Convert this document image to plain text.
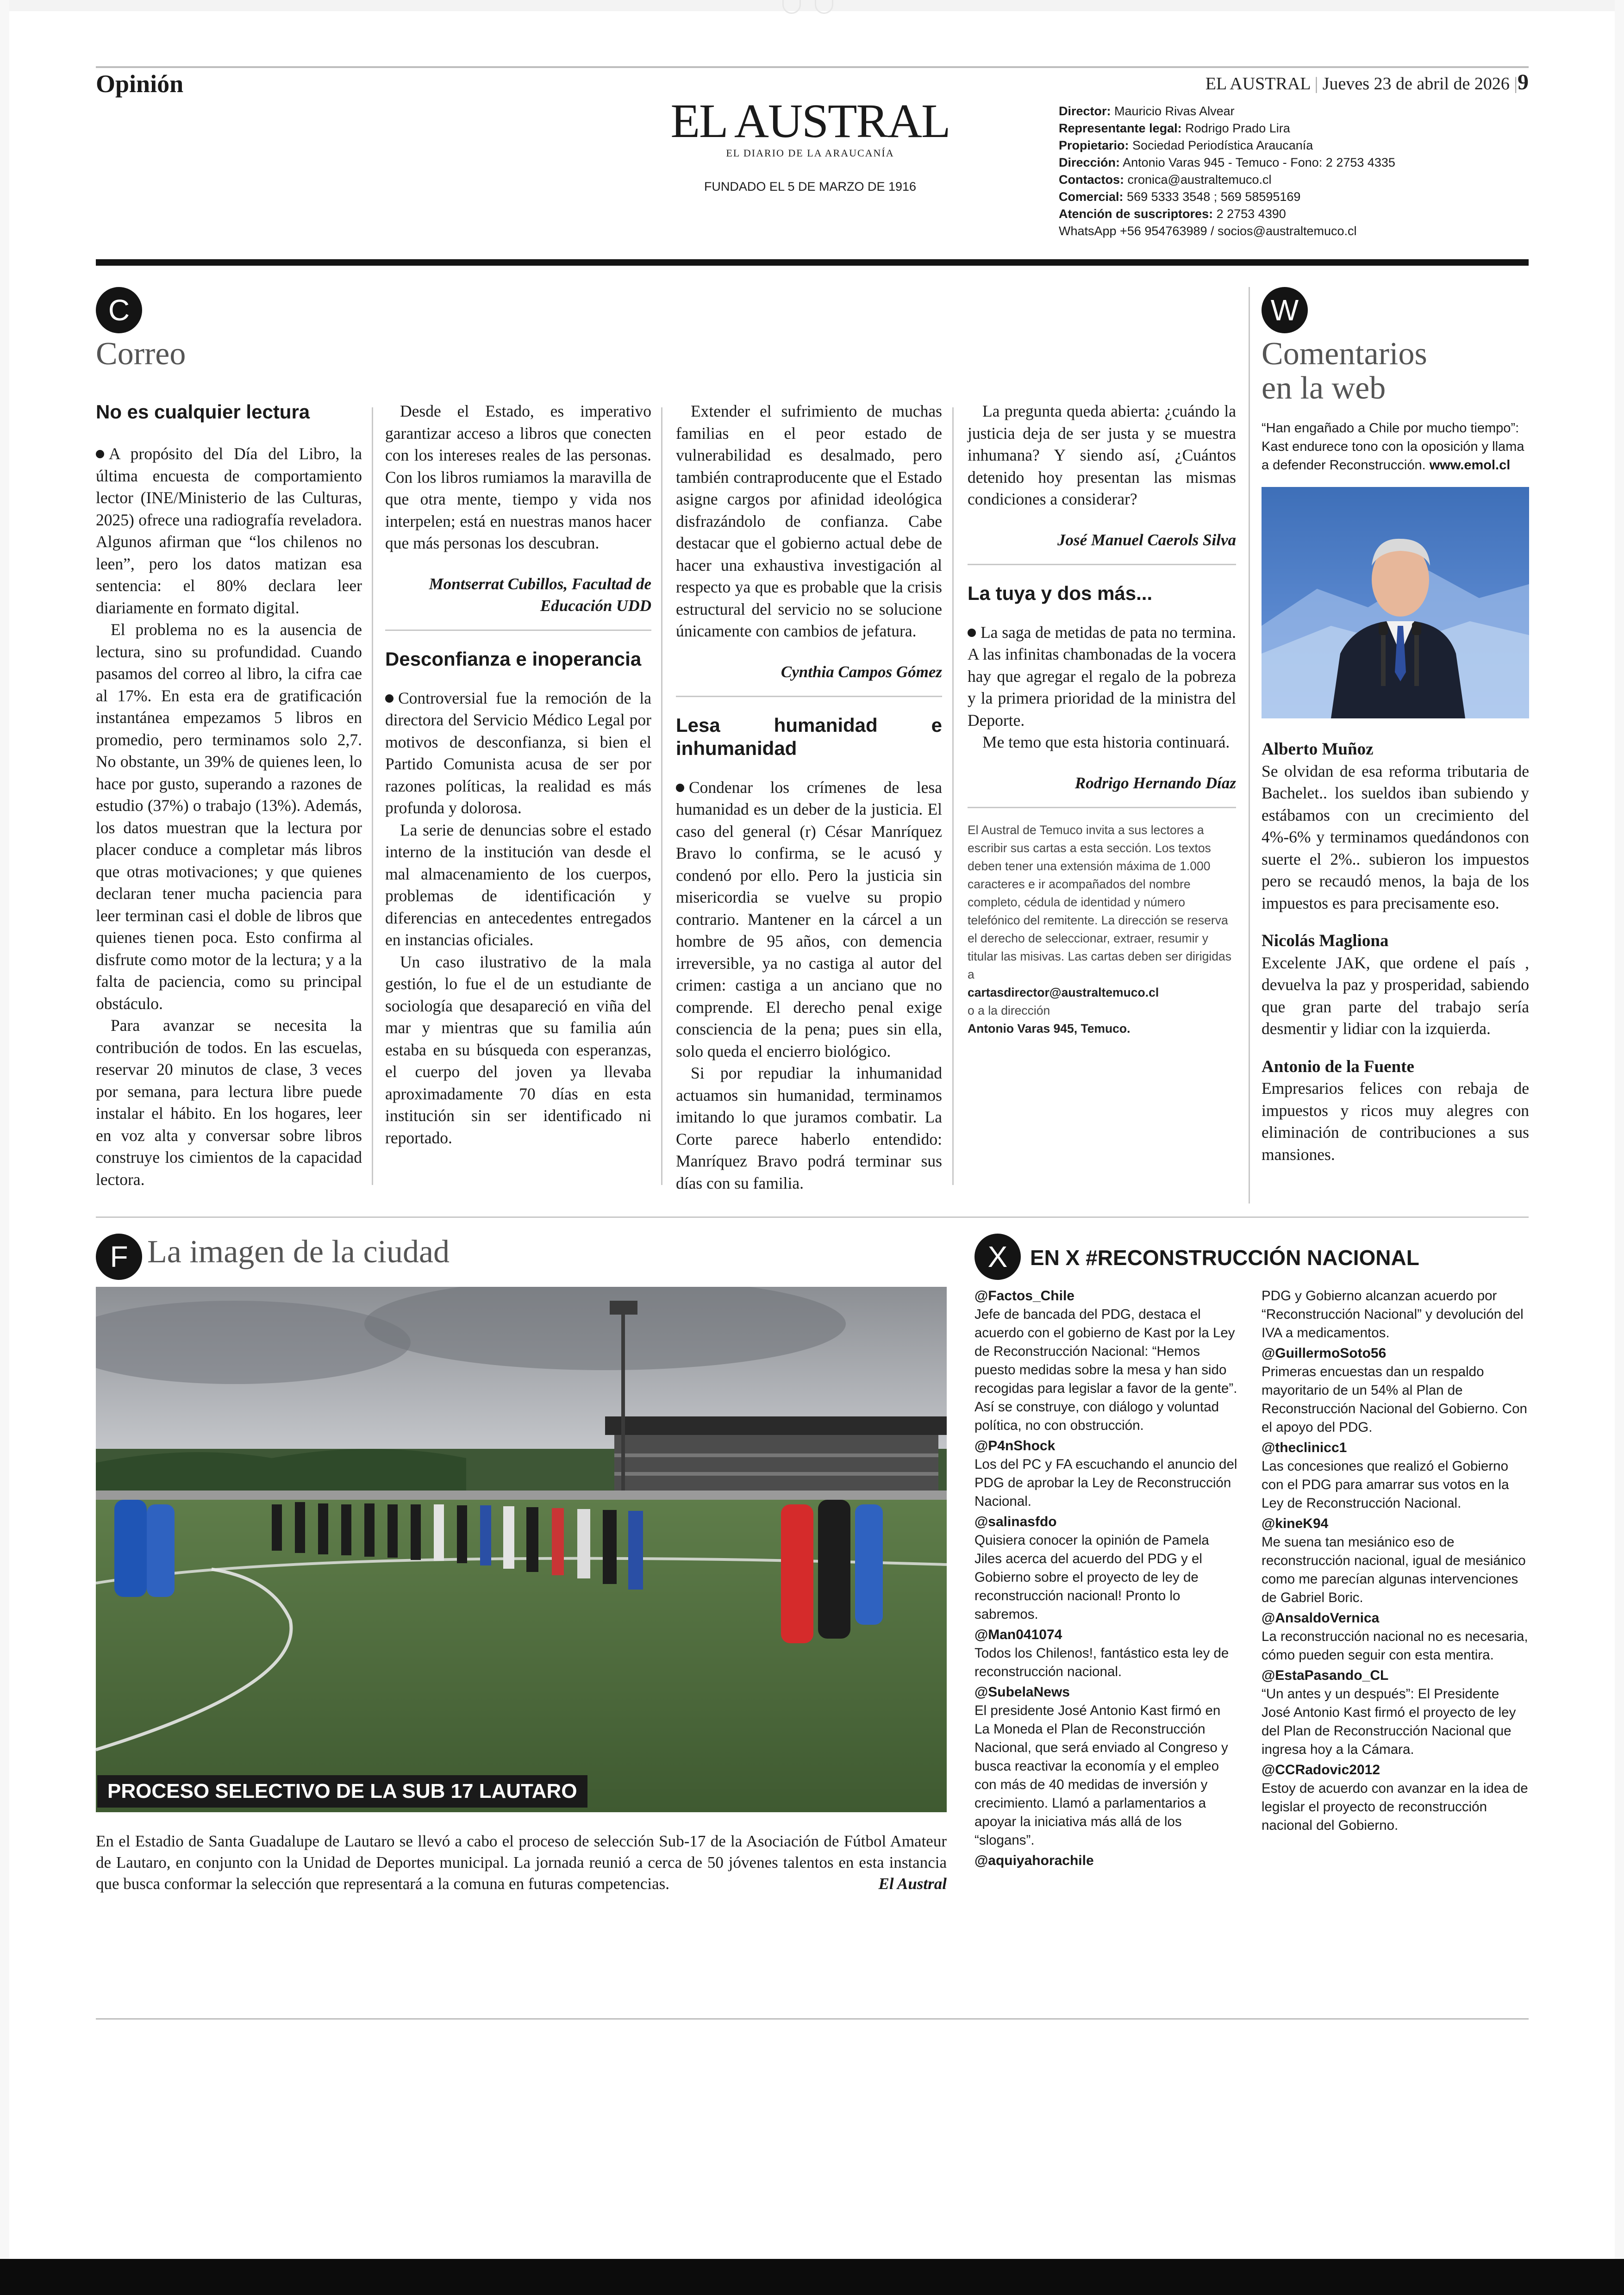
Opinión	EL AUSTRAL | Jueves 23 de abril de 2026 |9
EL AUSTRAL
EL DIARIO DE LA ARAUCANÍA
FUNDADO EL 5 DE MARZO DE 1916
Director: Mauricio Rivas Alvear
Representante legal: Rodrigo Prado Lira
Propietario: Sociedad Periodística Araucanía
Dirección: Antonio Varas 945 - Temuco - Fono: 2 2753 4335
Contactos: cronica@australtemuco.cl
Comercial: 569 5333 3548 ; 569 58595169
Atención de suscriptores: 2 2753 4390
WhatsApp +56 954763989 / socios@australtemuco.cl
C
Correo
No es cualquier lectura

A propósito del Día del Libro, la última encuesta de comportamiento lector (INE/Ministerio de las Culturas, 2025) ofrece una radiografía reveladora. Algunos afirman que “los chilenos no leen”, pero los datos matizan esa sentencia: el 80% declara leer diariamente en formato digital.

El problema no es la ausencia de lectura, sino su profundidad. Cuando pasamos del correo al libro, la cifra cae al 17%. En esta era de gratificación instantánea empezamos 5 libros en promedio, pero terminamos solo 2,7. No obstante, un 39% de quienes leen, lo hace por gusto, superando a razones de estudio (37%) o trabajo (13%). Además, los datos muestran que la lectura por placer conduce a completar más libros que otras motivaciones; y que quienes declaran tener mucha paciencia para leer terminan casi el doble de libros que quienes tienen poca. Esto confirma al disfrute como motor de la lectura; y a la falta de paciencia, como su principal obstáculo.

Para avanzar se necesita la contribución de todos. En las escuelas, reservar 20 minutos de clase, 3 veces por semana, para lectura libre puede instalar el hábito. En los hogares, leer en voz alta y conversar sobre libros construye los cimientos de la capacidad lectora.

Desde el Estado, es imperativo garantizar acceso a libros que conecten con los intereses reales de las personas. Con los libros rumiamos la maravilla de que otra mente, tiempo y vida nos interpelen; está en nuestras manos hacer que más personas los descubran.

Montserrat Cubillos, Facultad de Educación UDD
Desconfianza e inoperancia

Controversial fue la remoción de la directora del Servicio Médico Legal por motivos de desconfianza, si bien el Partido Comunista acusa de ser por razones políticas, la realidad es más profunda y dolorosa.

La serie de denuncias sobre el estado interno de la institución van desde el mal almacenamiento de los cuerpos, problemas de identificación y diferencias en antecedentes entregados en instancias oficiales.

Un caso ilustrativo de la mala gestión, lo fue el de un estudiante de sociología que desapareció en viña del mar y mientras que su familia aún estaba en su búsqueda con esperanzas, el cuerpo del joven ya llevaba aproximadamente 70 días en esta institución sin ser identificado ni reportado.

Extender el sufrimiento de muchas familias en el peor estado de vulnerabilidad es desalmado, pero también contraproducente que el Estado asigne cargos por afinidad ideológica disfrazándolo de confianza. Cabe destacar que el gobierno actual debe de hacer una exhaustiva investigación al respecto ya que es probable que la crisis estructural del servicio no se solucione únicamente con cambios de jefatura.

Cynthia Campos Gómez
Lesa humanidad e inhumanidad

Condenar los crímenes de lesa humanidad es un deber de la justicia. El caso del general (r) César Manríquez Bravo lo confirma, se le acusó y condenó por ello. Pero la justicia sin misericordia se vuelve su propio contrario. Mantener en la cárcel a un hombre de 95 años, con demencia irreversible, ya no castiga al autor del crimen: castiga a un anciano que no comprende. El derecho penal exige consciencia de la pena; pues sin ella, solo queda el encierro biológico.

Si por repudiar la inhumanidad actuamos sin humanidad, terminamos imitando lo que juramos combatir. La Corte parece haberlo entendido: Manríquez Bravo podrá terminar sus días con su familia.

La pregunta queda abierta: ¿cuándo la justicia deja de ser justa y se muestra inhumana? Y siendo así, ¿Cuántos detenido hoy presentan las mismas condiciones a considerar?

José Manuel Caerols Silva
La tuya y dos más...

La saga de metidas de pata no termina. A las infinitas chambonadas de la vocera hay que agregar el regalo de la pobreza y la primera prioridad de la ministra del Deporte.

Me temo que esta historia continuará.

Rodrigo Hernando Díaz
El Austral de Temuco invita a sus lectores a escribir sus cartas a esta sección. Los textos deben tener una extensión máxima de 1.000 caracteres e ir acompañados del nombre completo, cédula de identidad y número telefónico del remitente. La dirección se reserva el derecho de seleccionar, extraer, resumir y titular las misivas. Las cartas deben ser dirigidas a
cartasdirector@australtemuco.cl
o a la dirección
Antonio Varas 945, Temuco.
W
Comentarios
en la web
“Han engañado a Chile por mucho tiempo”: Kast endurece tono con la oposición y llama a defender Reconstrucción. www.emol.cl
Alberto Muñoz
Se olvidan de esa reforma tributaria de Bachelet.. los sueldos iban subiendo y estábamos con un crecimiento del 4%-6% y terminamos quedándonos con suerte el 2%.. subieron los impuestos pero se recaudó menos, la baja de los impuestos es para precisamente eso.
Nicolás Magliona
Excelente JAK, que ordene el país , devuelva la paz y prosperidad, sabiendo que gran parte del trabajo sería desmentir y lidiar con la izquierda.
Antonio de la Fuente
Empresarios felices con rebaja de impuestos y ricos muy alegres con eliminación de contribuciones a sus mansiones.
F La imagen de la ciudad
PROCESO SELECTIVO DE LA SUB 17 LAUTARO
En el Estadio de Santa Guadalupe de Lautaro se llevó a cabo el proceso de selección Sub-17 de la Asociación de Fútbol Amateur de Lautaro, en conjunto con la Unidad de Deportes municipal. La jornada reunió a cerca de 50 jóvenes talentos en esta instancia que busca conformar la selección que representará a la comuna en futuras competencias.	El Austral
X	EN X #RECONSTRUCCIÓN NACIONAL
@Factos_Chile
Jefe de bancada del PDG, destaca el acuerdo con el gobierno de Kast por la Ley de Reconstrucción Nacional: “Hemos puesto medidas sobre la mesa y han sido recogidas para legislar a favor de la gente”. Así se construye, con diálogo y voluntad política, no con obstrucción.
@P4nShock
Los del PC y FA escuchando el anuncio del PDG de aprobar la Ley de Reconstrucción Nacional.
@salinasfdo
Quisiera conocer la opinión de Pamela Jiles acerca del acuerdo del PDG y el Gobierno sobre el proyecto de ley de reconstrucción nacional! Pronto lo sabremos.
@Man041074
Todos los Chilenos!, fantástico esta ley de reconstrucción nacional.
@SubelaNews
El presidente José Antonio Kast firmó en La Moneda el Plan de Reconstrucción Nacional, que será enviado al Congreso y busca reactivar la economía y el empleo con más de 40 medidas de inversión y crecimiento. Llamó a parlamentarios a apoyar la iniciativa más allá de los “slogans”.
@aquiyahorachile
PDG y Gobierno alcanzan acuerdo por “Reconstrucción Nacional” y devolución del IVA a medicamentos.
@GuillermoSoto56
Primeras encuestas dan un respaldo mayoritario de un 54% al Plan de Reconstrucción Nacional del Gobierno. Con el apoyo del PDG.
@theclinicc1
Las concesiones que realizó el Gobierno con el PDG para amarrar sus votos en la Ley de Reconstrucción Nacional.
@kineK94
Me suena tan mesiánico eso de reconstrucción nacional, igual de mesiánico como me parecían algunas intervenciones de Gabriel Boric.
@AnsaldoVernica
La reconstrucción nacional no es necesaria, cómo pueden seguir con esta mentira.
@EstaPasando_CL
“Un antes y un después”: El Presidente José Antonio Kast firmó el proyecto de ley del Plan de Reconstrucción Nacional que ingresa hoy a la Cámara.
@CCRadovic2012
Estoy de acuerdo con avanzar en la idea de legislar el proyecto de reconstrucción nacional del Gobierno.
